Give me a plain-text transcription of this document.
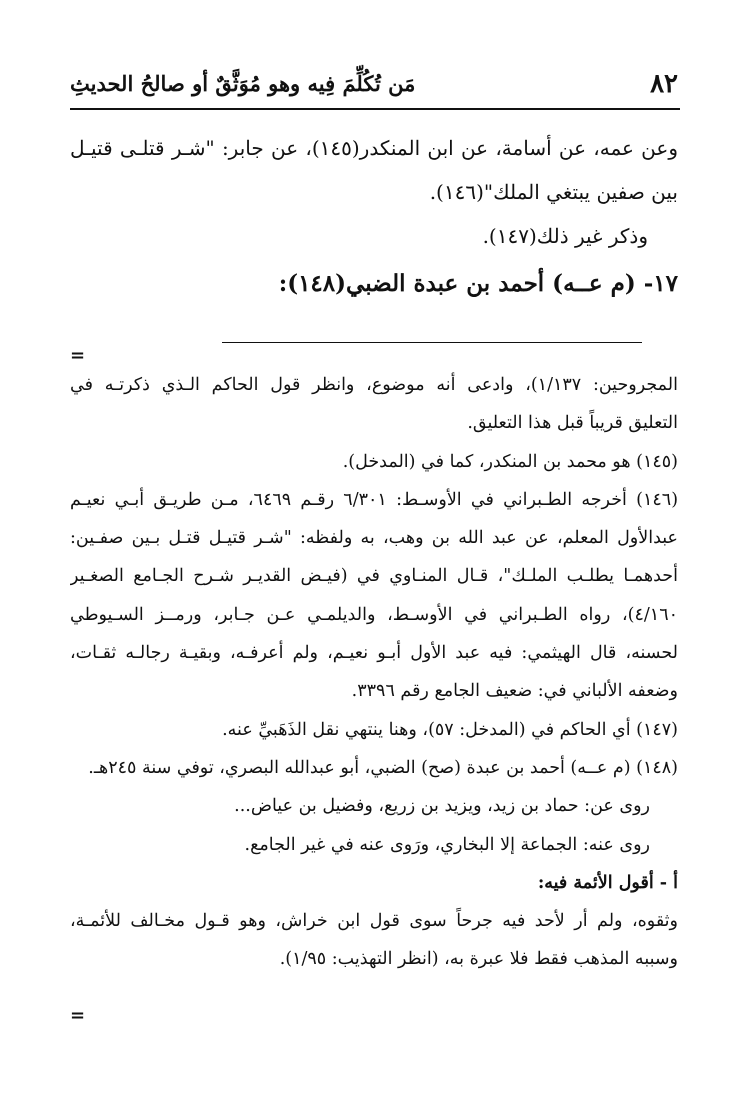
٨٢
مَن تُكُلِّمَ فِيه وهو مُوَثَّقٌ أو صالحُ الحديثِ
وعن عمه، عن أسامة، عن ابن المنكدر(١٤٥)، عن جابر: "شـر قتلـى قتيـل
بين صفين يبتغي الملك"(١٤٦).
وذكر غير ذلك(١٤٧).
١٧- (م عــه) أحمد بن عبدة الضبي(١٤٨):
=
المجروحين: ١/١٣٧)، وادعى أنه موضوع، وانظر قول الحاكم الـذي ذكرتـه في
التعليق قريباً قبل هذا التعليق.
(١٤٥) هو محمد بن المنكدر، كما في (المدخل).
(١٤٦) أخرجه الطـبراني في الأوسـط: ٦/٣٠١ رقـم ٦٤٦٩، مـن طريـق أبـي نعيـم
عبدالأول المعلم، عن عبد الله بن وهب، به ولفظه: "شـر قتيـل قتـل بـين صفـين:
أحدهمـا يطلـب الملـك"، قـال المنـاوي في (فيـض القديـر شـرح الجـامع الصغـير
٤/١٦٠)، رواه الطـبراني في الأوسـط، والديلمـي عـن جـابر، ورمــز السـيوطي
لحسنه، قال الهيثمي: فيه عبد الأول أبـو نعيـم، ولم أعرفـه، وبقيـة رجالـه ثقـات،
وضعفه الألباني في: ضعيف الجامع رقم ٣٣٩٦.
(١٤٧) أي الحاكم في (المدخل: ٥٧)، وهنا ينتهي نقل الذَهَبيِّ عنه.
(١٤٨) (م عــه) أحمد بن عبدة (صح) الضبي، أبو عبدالله البصري، توفي سنة ٢٤٥هـ.
روى عن: حماد بن زيد، ويزيد بن زريع، وفضيل بن عياض...
روى عنه: الجماعة إلا البخاري، ورَوى عنه في غير الجامع.
أ - أقول الأئمة فيه:
وثقوه، ولم أر لأحد فيه جرحاً سوى قول ابن خراش، وهو قـول مخـالف للأئمـة،
وسببه المذهب فقط فلا عبرة به، (انظر التهذيب: ١/٩٥).
=
